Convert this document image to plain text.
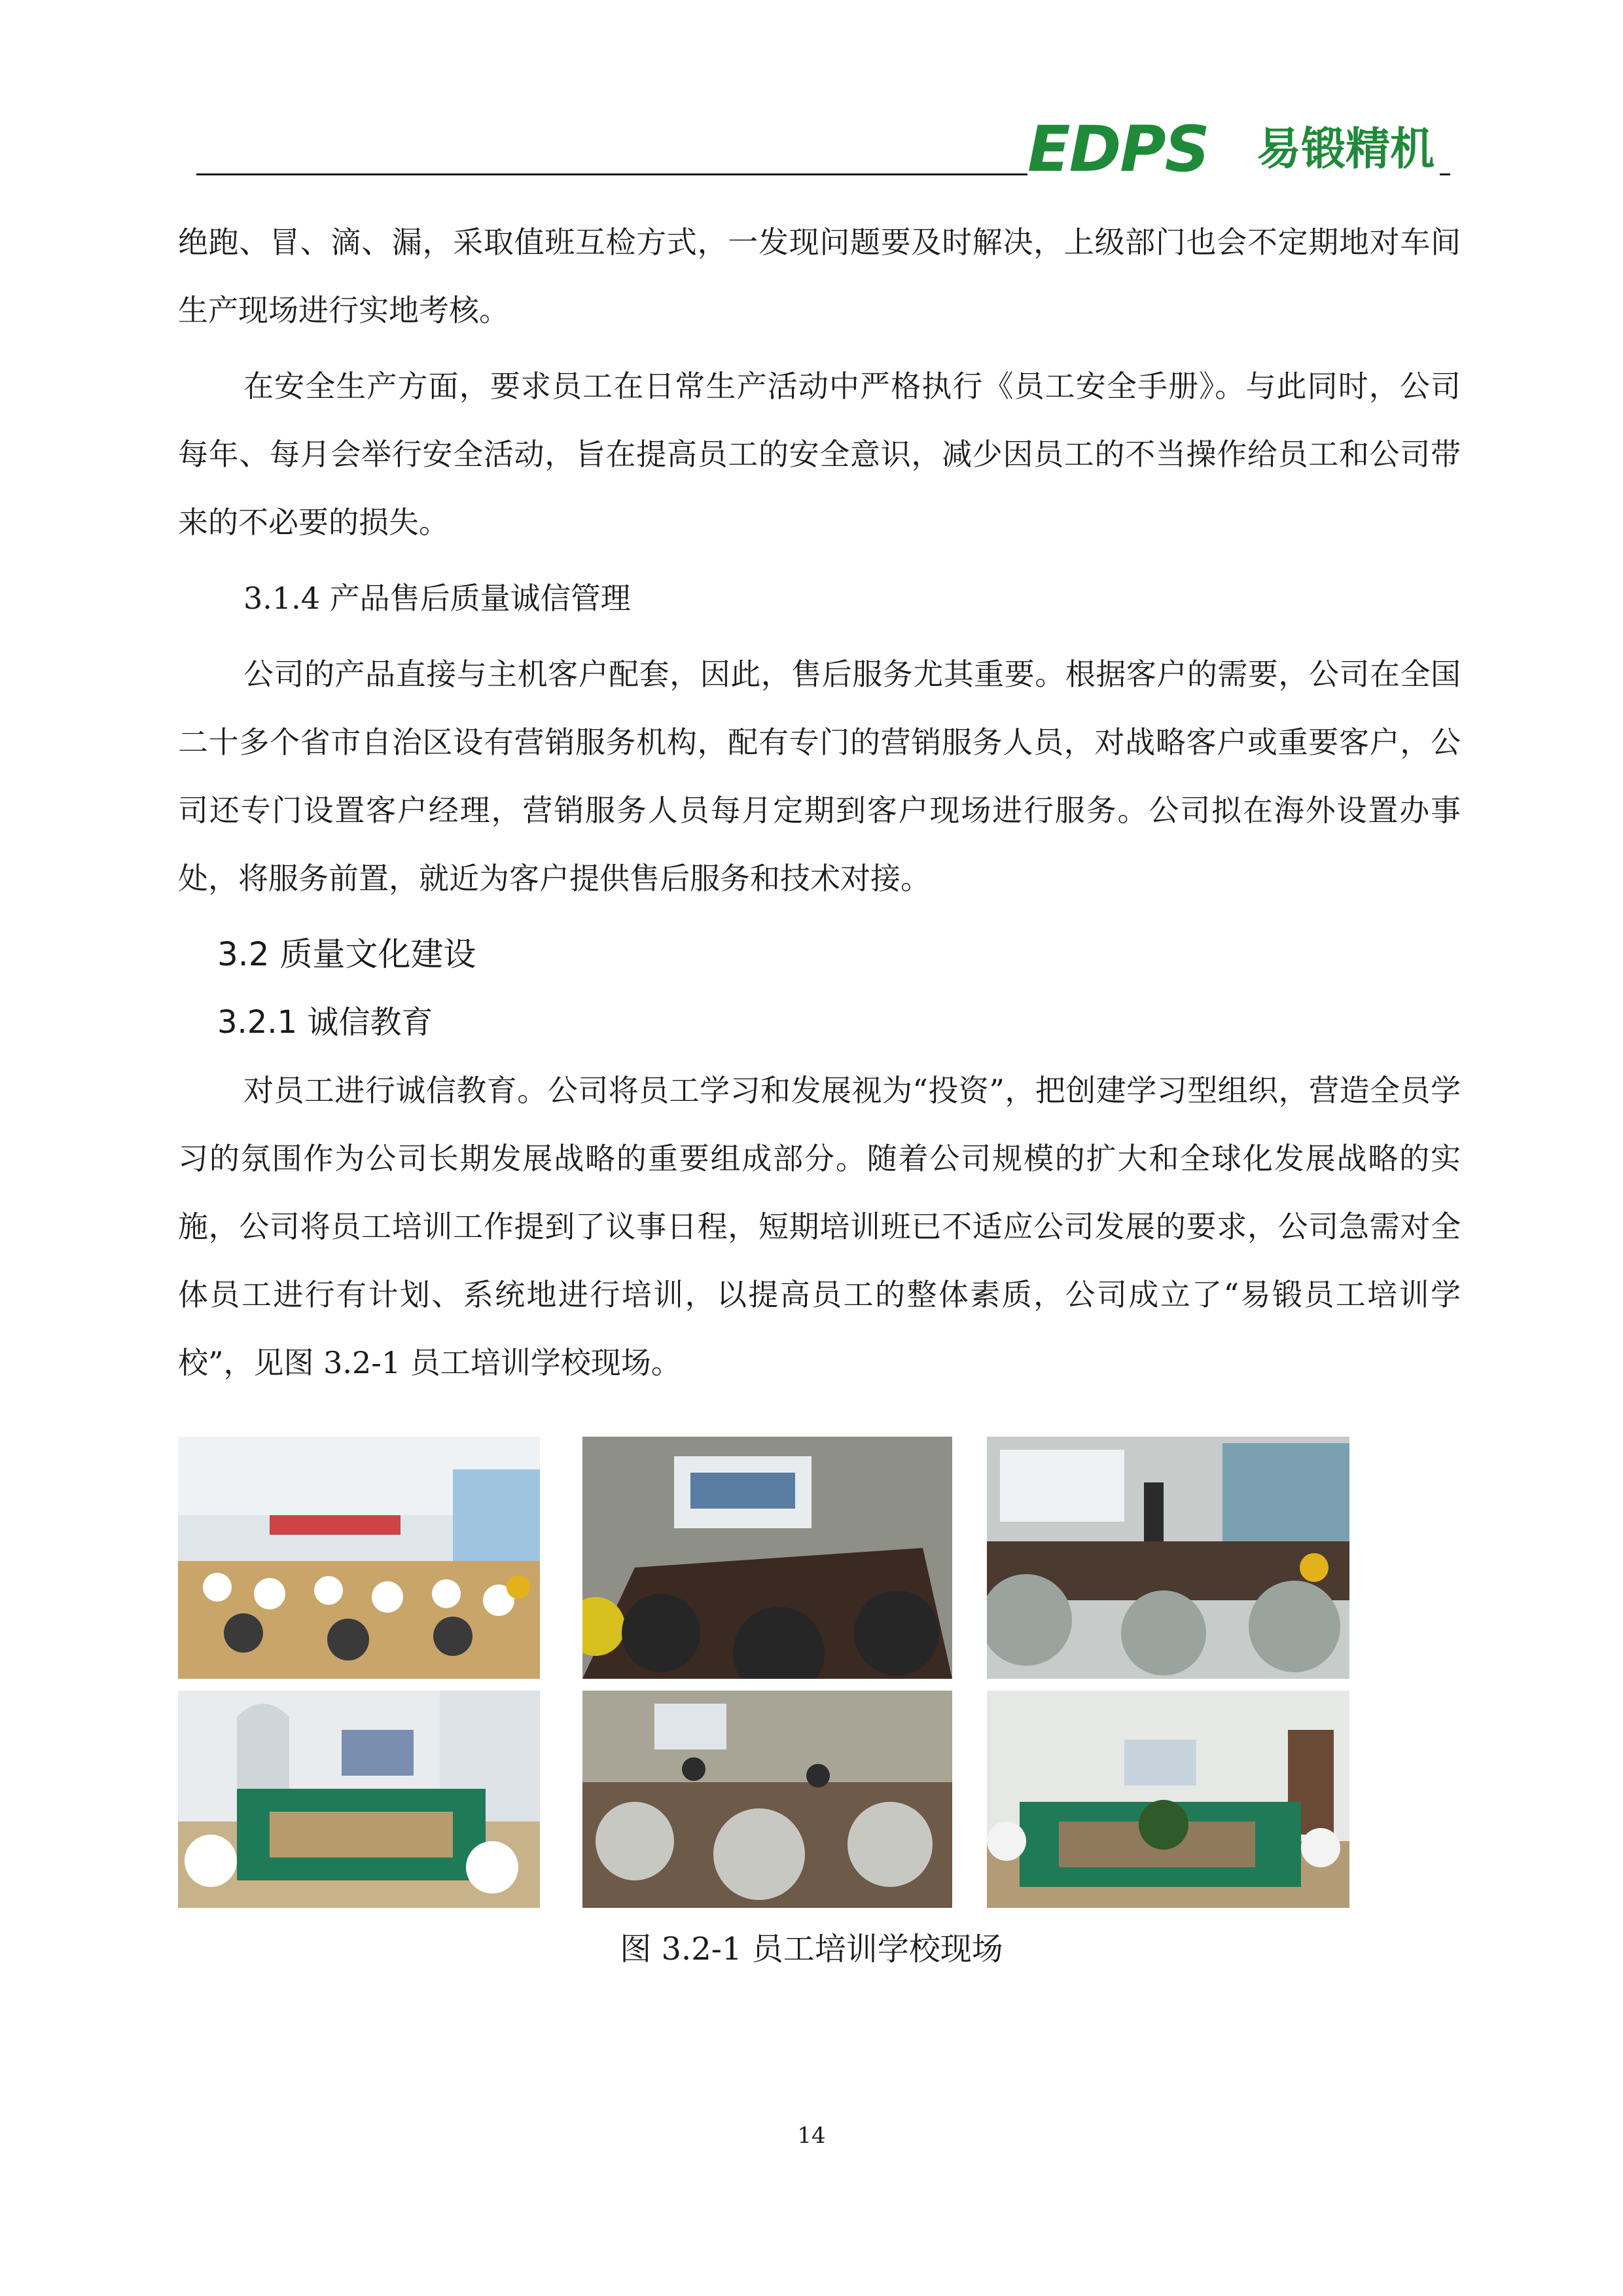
EDPS 易锻精机

绝跑、冒、滴、漏，采取值班互检方式，一发现问题要及时解决，上级部门也会不定期地对车间生产现场进行实地考核。

在安全生产方面，要求员工在日常生产活动中严格执行《员工安全手册》。与此同时，公司每年、每月会举行安全活动，旨在提高员工的安全意识，减少因员工的不当操作给员工和公司带来的不必要的损失。

3.1.4 产品售后质量诚信管理

公司的产品直接与主机客户配套，因此，售后服务尤其重要。根据客户的需要，公司在全国二十多个省市自治区设有营销服务机构，配有专门的营销服务人员，对战略客户或重要客户，公司还专门设置客户经理，营销服务人员每月定期到客户现场进行服务。公司拟在海外设置办事处，将服务前置，就近为客户提供售后服务和技术对接。

3.2 质量文化建设
3.2.1 诚信教育

对员工进行诚信教育。公司将员工学习和发展视为“投资”，把创建学习型组织，营造全员学习的氛围作为公司长期发展战略的重要组成部分。随着公司规模的扩大和全球化发展战略的实施，公司将员工培训工作提到了议事日程，短期培训班已不适应公司发展的要求，公司急需对全体员工进行有计划、系统地进行培训，以提高员工的整体素质，公司成立了“易锻员工培训学校”，见图 3.2-1 员工培训学校现场。

图 3.2-1 员工培训学校现场
14
